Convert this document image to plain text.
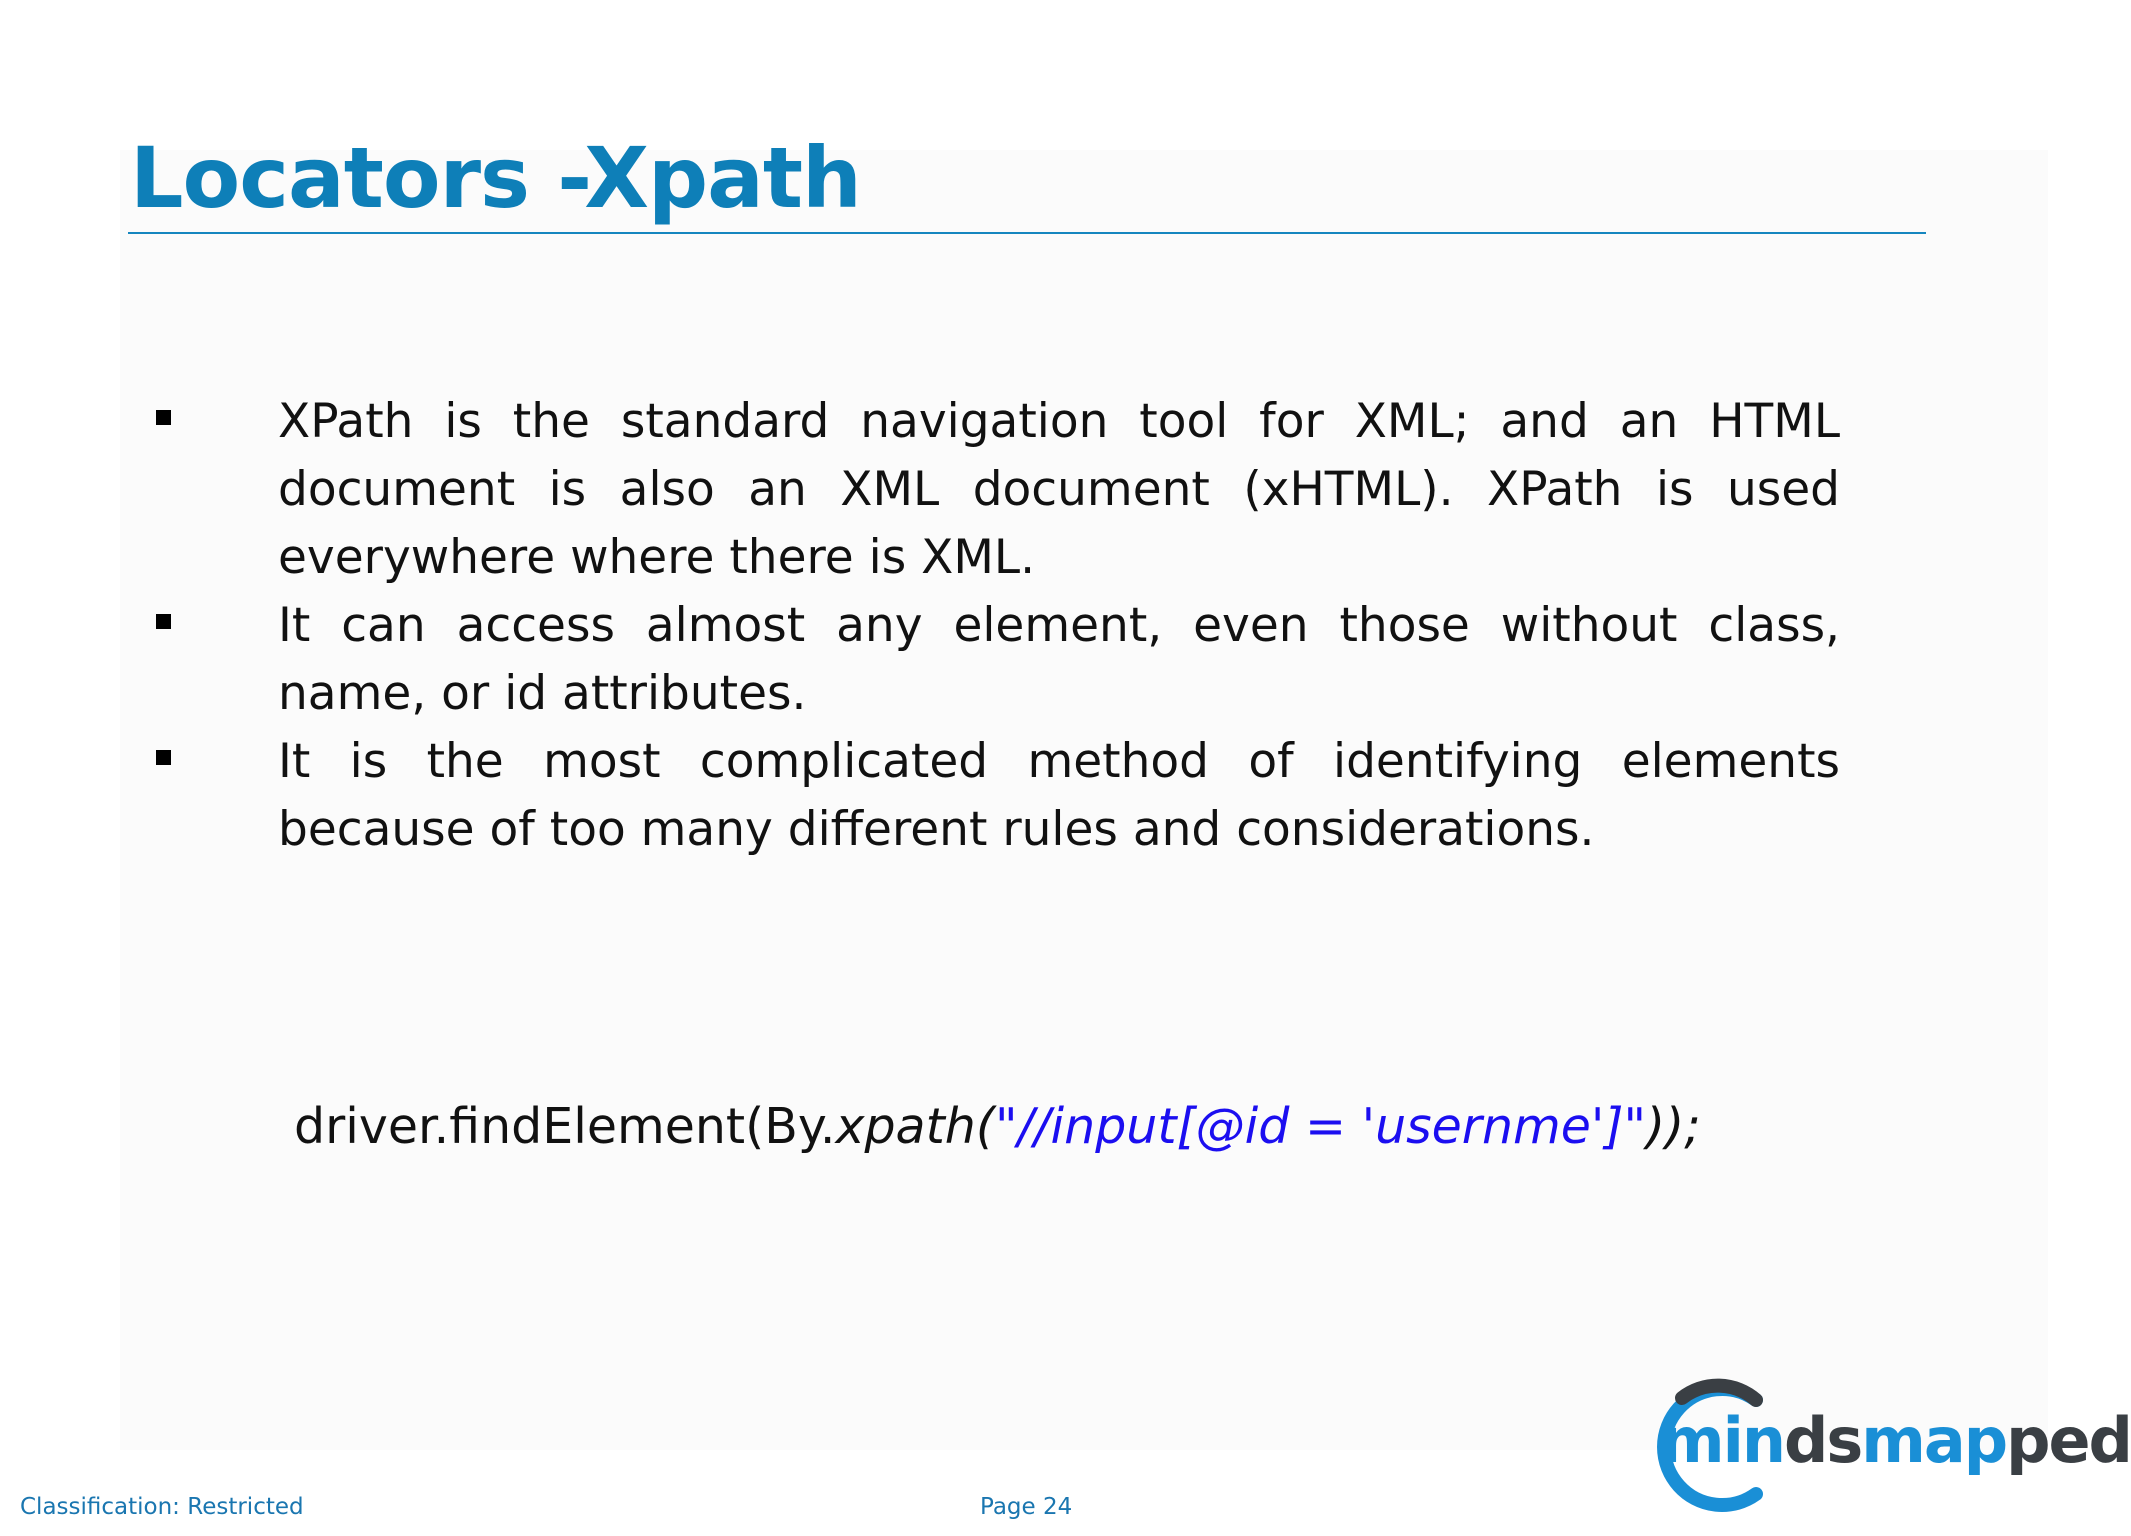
Locators -Xpath
XPath is the standard navigation tool for XML; and an HTML document is also an XML document (xHTML). XPath is used everywhere where there is XML.
It can access almost any element, even those without class, name, or id attributes.
It is the most complicated method of identifying elements because of too many different rules and considerations.
driver.findElement(By.xpath("//input[@id = 'usernme']"));
mindsmapped
Classification: Restricted	Page 24
